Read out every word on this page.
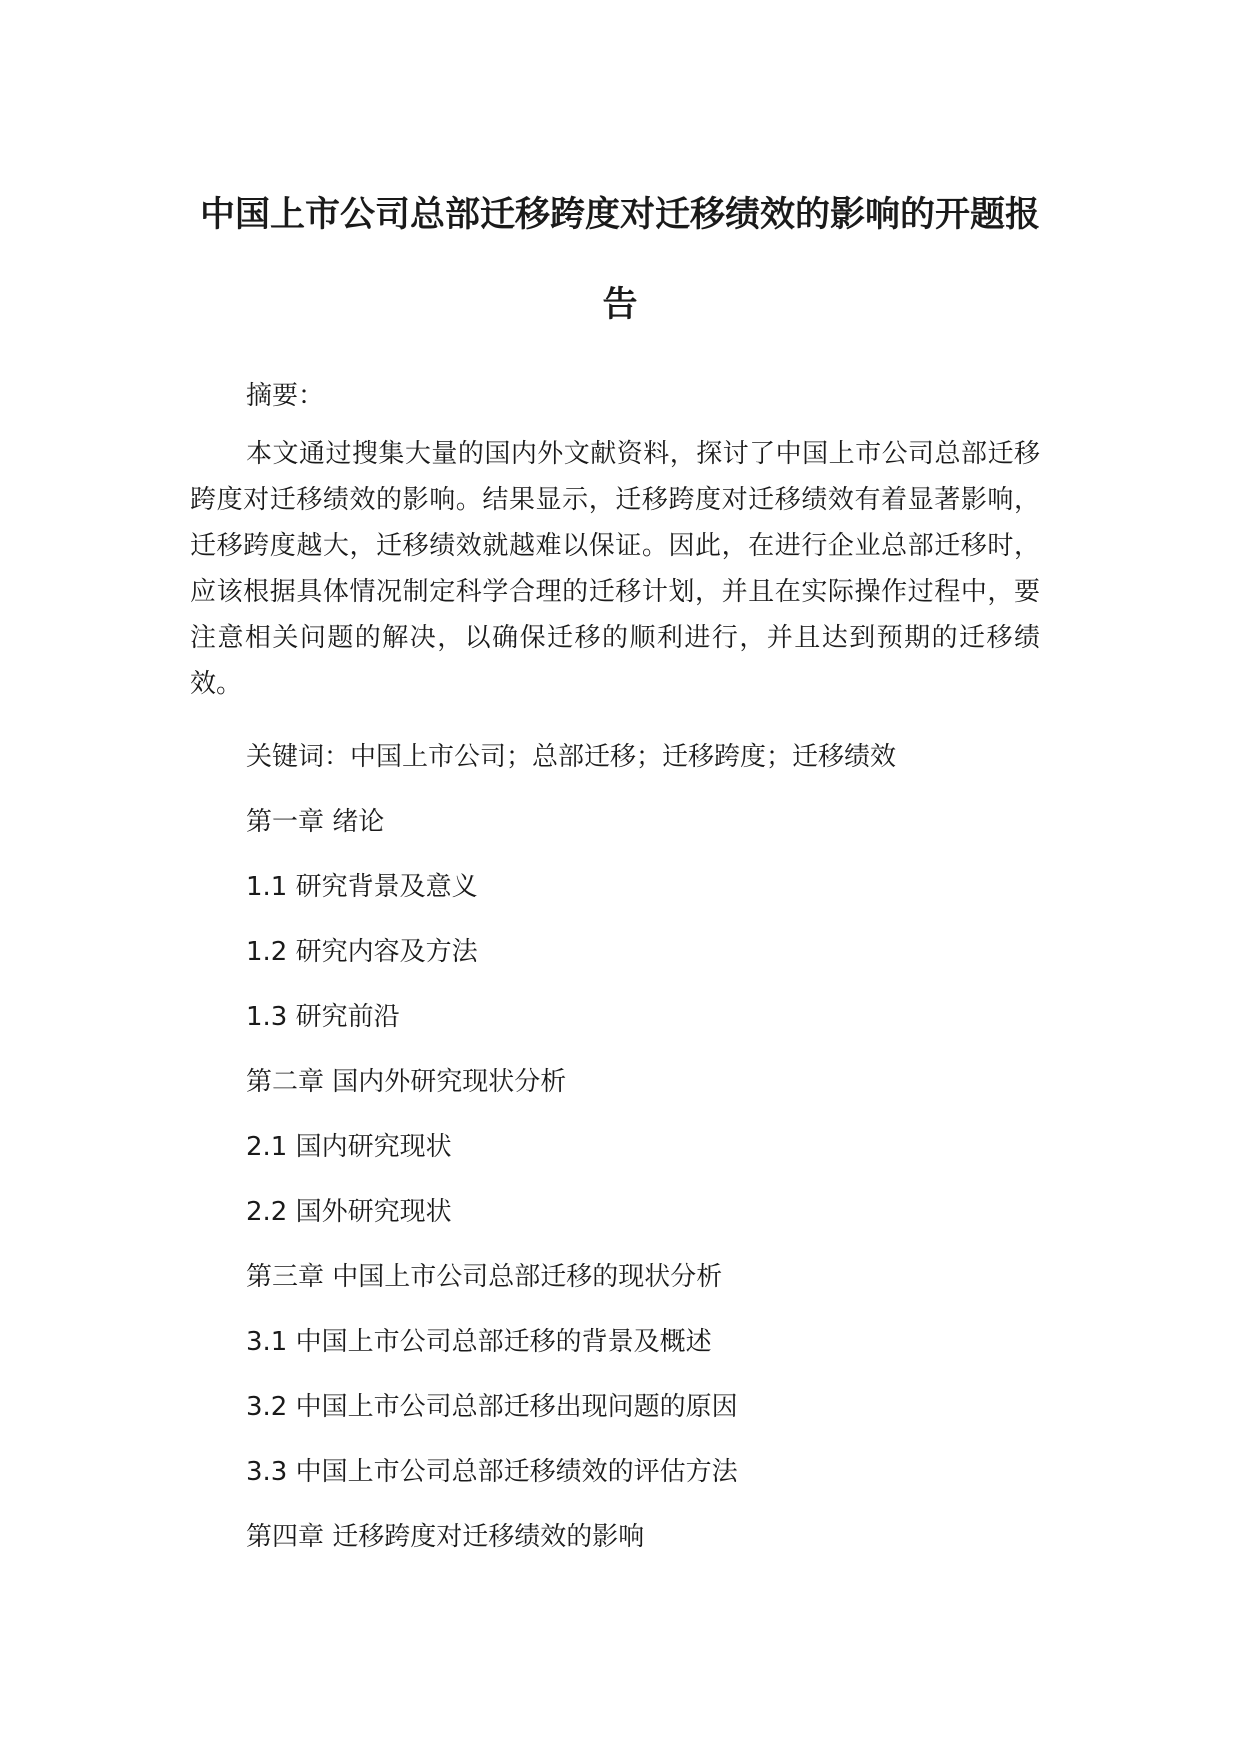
中国上市公司总部迁移跨度对迁移绩效的影响的开题报告

摘要：

本文通过搜集大量的国内外文献资料，探讨了中国上市公司总部迁移跨度对迁移绩效的影响。结果显示，迁移跨度对迁移绩效有着显著影响，迁移跨度越大，迁移绩效就越难以保证。因此，在进行企业总部迁移时，应该根据具体情况制定科学合理的迁移计划，并且在实际操作过程中，要注意相关问题的解决，以确保迁移的顺利进行，并且达到预期的迁移绩效。

关键词：中国上市公司；总部迁移；迁移跨度；迁移绩效

第一章 绪论

1.1 研究背景及意义

1.2 研究内容及方法

1.3 研究前沿

第二章 国内外研究现状分析

2.1 国内研究现状

2.2 国外研究现状

第三章 中国上市公司总部迁移的现状分析

3.1 中国上市公司总部迁移的背景及概述

3.2 中国上市公司总部迁移出现问题的原因

3.3 中国上市公司总部迁移绩效的评估方法

第四章 迁移跨度对迁移绩效的影响
